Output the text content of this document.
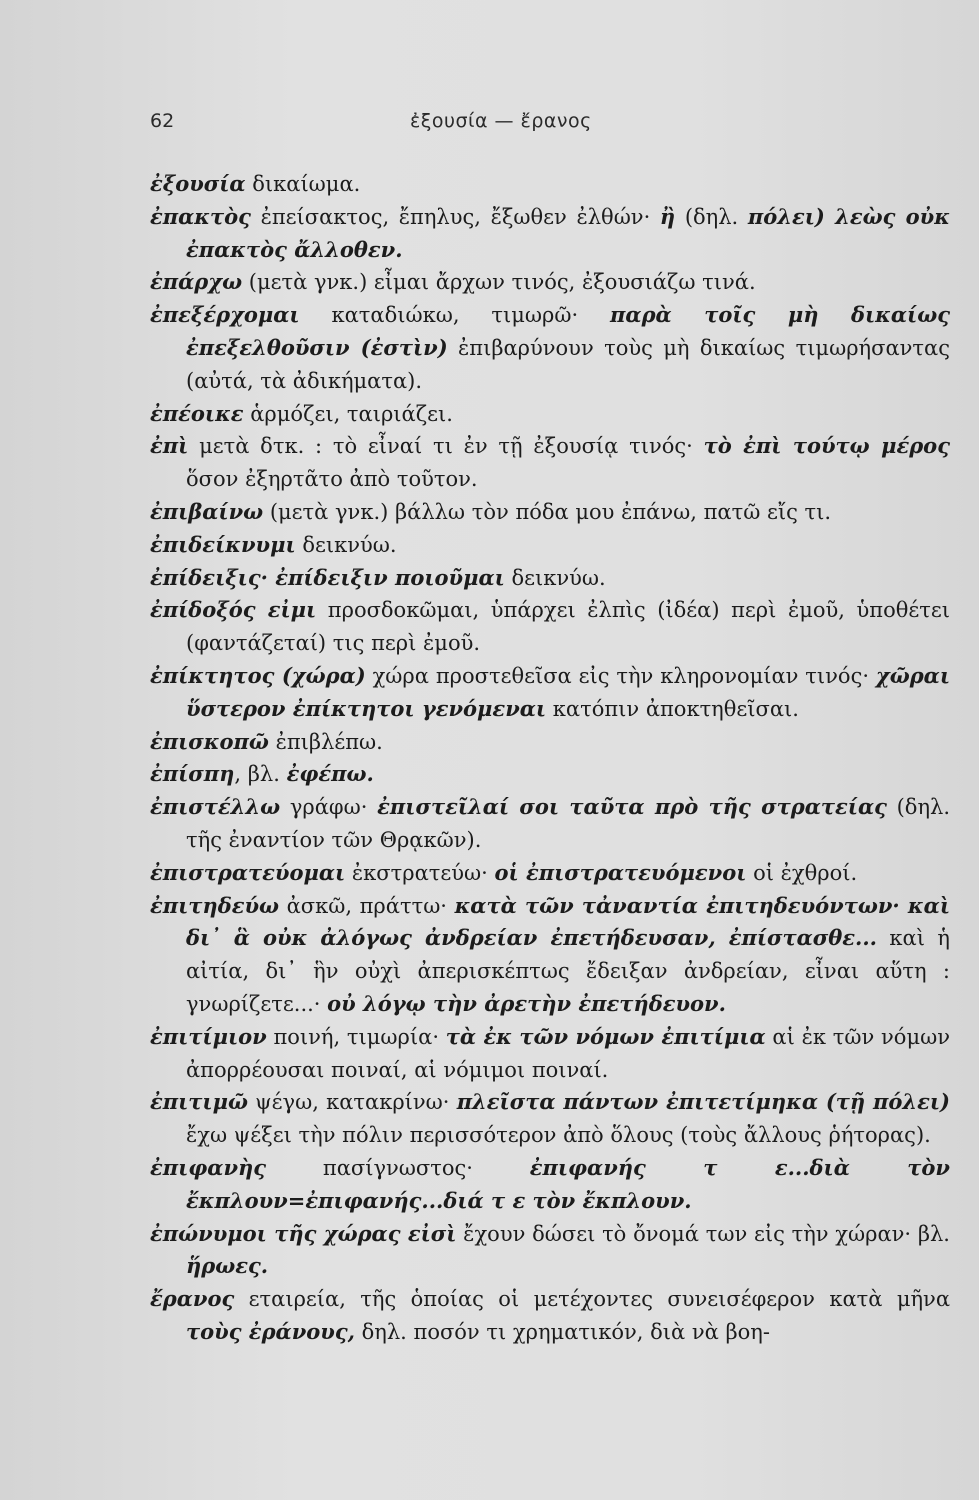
62	ἐξουσία — ἔρανος

ἐξουσία δικαίωμα.

ἐπακτὸς ἐπείσακτος, ἔπηλυς, ἔξωθεν ἐλθών· ἢ (δηλ. πόλει) λεὼς οὐκ ἐπακτὸς ἄλλοθεν.

ἐπάρχω (μετὰ γνκ.) εἶμαι ἄρχων τινός, ἐξουσιάζω τινά.

ἐπεξέρχομαι καταδιώκω, τιμωρῶ· παρὰ τοῖς μὴ δικαίως ἐπεξελθοῦσιν (ἐστὶν) ἐπιβαρύνουν τοὺς μὴ δικαίως τιμωρήσαντας (αὐτά, τὰ ἀδικήματα).

ἐπέοικε ἁρμόζει, ταιριάζει.

ἐπὶ μετὰ δτκ. : τὸ εἶναί τι ἐν τῇ ἐξουσίᾳ τινός· τὸ ἐπὶ τούτῳ μέρος ὅσον ἐξηρτᾶτο ἀπὸ τοῦτον.

ἐπιβαίνω (μετὰ γνκ.) βάλλω τὸν πόδα μου ἐπάνω, πατῶ εἴς τι.

ἐπιδείκνυμι δεικνύω.

ἐπίδειξις· ἐπίδειξιν ποιοῦμαι δεικνύω.

ἐπίδοξός εἰμι προσδοκῶμαι, ὑπάρχει ἐλπὶς (ἰδέα) περὶ ἐμοῦ, ὑποθέτει (φαντάζεταί) τις περὶ ἐμοῦ.

ἐπίκτητος (χώρα) χώρα προστεθεῖσα εἰς τὴν κληρονομίαν τινός· χῶραι ὕστερον ἐπίκτητοι γενόμεναι κατόπιν ἀποκτηθεῖσαι.

ἐπισκοπῶ ἐπιβλέπω.

ἐπίσπη, βλ. ἐφέπω.

ἐπιστέλλω γράφω· ἐπιστεῖλαί σοι ταῦτα πρὸ τῆς στρατείας (δηλ. τῆς ἐναντίον τῶν Θρᾳκῶν).

ἐπιστρατεύομαι ἐκστρατεύω· οἱ ἐπιστρατευόμενοι οἱ ἐχθροί.

ἐπιτηδεύω ἀσκῶ, πράττω· κατὰ τῶν τἀναντία ἐπιτηδευόντων· καὶ δι᾿ ἃ οὐκ ἀλόγως ἀνδρείαν ἐπετήδευσαν, ἐπίστασθε... καὶ ἡ αἰτία, δι᾿ ἣν οὐχὶ ἀπερισκέπτως ἔδειξαν ἀνδρείαν, εἶναι αὕτη : γνωρίζετε...· οὐ λόγῳ τὴν ἀρετὴν ἐπετήδευον.

ἐπιτίμιον ποινή, τιμωρία· τὰ ἐκ τῶν νόμων ἐπιτίμια αἱ ἐκ τῶν νόμων ἀπορρέουσαι ποιναί, αἱ νόμιμοι ποιναί.

ἐπιτιμῶ ψέγω, κατακρίνω· πλεῖστα πάντων ἐπιτετίμηκα (τῇ πόλει) ἔχω ψέξει τὴν πόλιν περισσότερον ἀπὸ ὅλους (τοὺς ἄλλους ῥήτορας).

ἐπιφανὴς πασίγνωστος· ἐπιφανής τ ε...διὰ τὸν ἔκπλουν=ἐπιφανής...διά τ ε τὸν ἔκπλουν.

ἐπώνυμοι τῆς χώρας εἰσὶ ἔχουν δώσει τὸ ὄνομά των εἰς τὴν χώραν· βλ. ἥρωες.

ἔρανος εταιρεία, τῆς ὁποίας οἱ μετέχοντες συνεισέφερον κατὰ μῆνα τοὺς ἐράνους, δηλ. ποσόν τι χρηματικόν, διὰ νὰ βοη-
